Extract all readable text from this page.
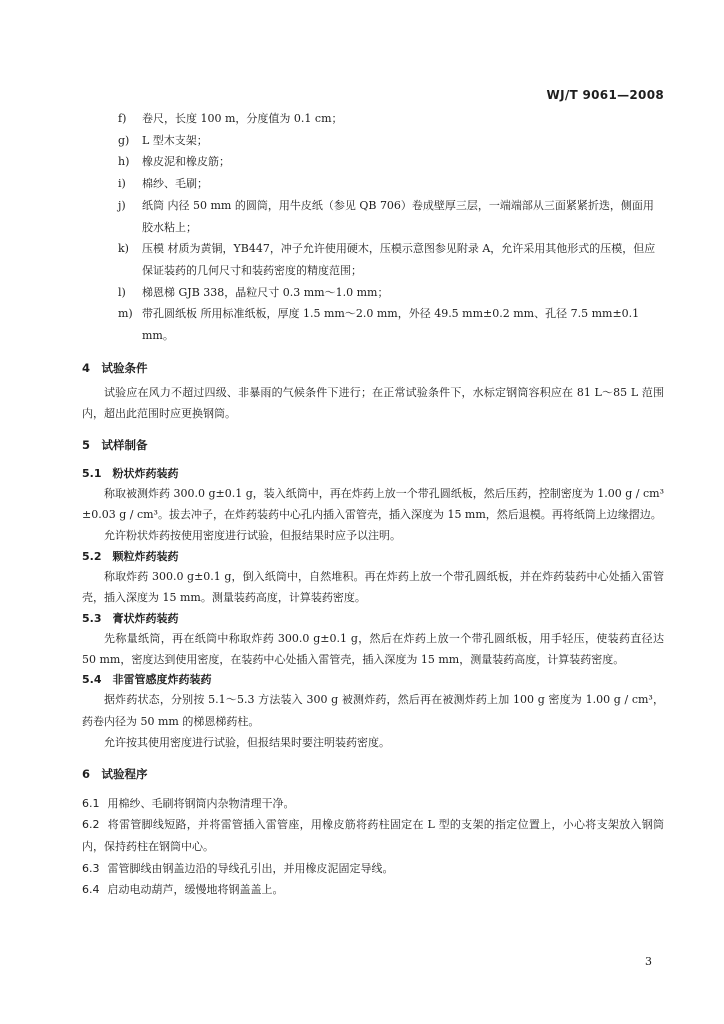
WJ/T 9061—2008
f) 卷尺，长度 100 m，分度值为 0.1 cm；
g) L 型木支架；
h) 橡皮泥和橡皮筋；
i) 棉纱、毛刷；
j) 纸筒 内径 50 mm 的圆筒，用牛皮纸（参见 QB 706）卷成壁厚三层，一端端部从三面紧紧折迭，侧面用胶水粘上；
k) 压模 材质为黄铜，YB447，冲子允许使用硬木，压模示意图参见附录 A，允许采用其他形式的压模，但应保证装药的几何尺寸和装药密度的精度范围；
l) 梯恩梯 GJB 338，晶粒尺寸 0.3 mm～1.0 mm；
m) 带孔圆纸板 所用标准纸板，厚度 1.5 mm～2.0 mm，外径 49.5 mm±0.2 mm、孔径 7.5 mm±0.1 mm。
4　试验条件
试验应在风力不超过四级、非暴雨的气候条件下进行；在正常试验条件下，水标定钢筒容积应在 81 L～85 L 范围内，超出此范围时应更换钢筒。
5　试样制备
5.1　粉状炸药装药
称取被测炸药 300.0 g±0.1 g，装入纸筒中，再在炸药上放一个带孔圆纸板，然后压药，控制密度为 1.00 g / cm³ ±0.03 g / cm³。拔去冲子，在炸药装药中心孔内插入雷管壳，插入深度为 15 mm，然后退模。再将纸筒上边缘摺边。
允许粉状炸药按使用密度进行试验，但报结果时应予以注明。
5.2　颗粒炸药装药
称取炸药 300.0 g±0.1 g，倒入纸筒中，自然堆积。再在炸药上放一个带孔圆纸板，并在炸药装药中心处插入雷管壳，插入深度为 15 mm。测量装药高度，计算装药密度。
5.3　膏状炸药装药
先称量纸筒，再在纸筒中称取炸药 300.0 g±0.1 g，然后在炸药上放一个带孔圆纸板，用手轻压，使装药直径达 50 mm，密度达到使用密度，在装药中心处插入雷管壳，插入深度为 15 mm，测量装药高度，计算装药密度。
5.4　非雷管感度炸药装药
据炸药状态，分别按 5.1～5.3 方法装入 300 g 被测炸药，然后再在被测炸药上加 100 g 密度为 1.00 g / cm³，药卷内径为 50 mm 的梯恩梯药柱。
允许按其使用密度进行试验，但报结果时要注明装药密度。
6　试验程序
6.1 用棉纱、毛刷将钢筒内杂物清理干净。
6.2 将雷管脚线短路，并将雷管插入雷管座，用橡皮筋将药柱固定在 L 型的支架的指定位置上，小心将支架放入钢筒内，保持药柱在钢筒中心。
6.3 雷管脚线由钢盖边沿的导线孔引出，并用橡皮泥固定导线。
6.4 启动电动葫芦，缓慢地将钢盖盖上。
3
